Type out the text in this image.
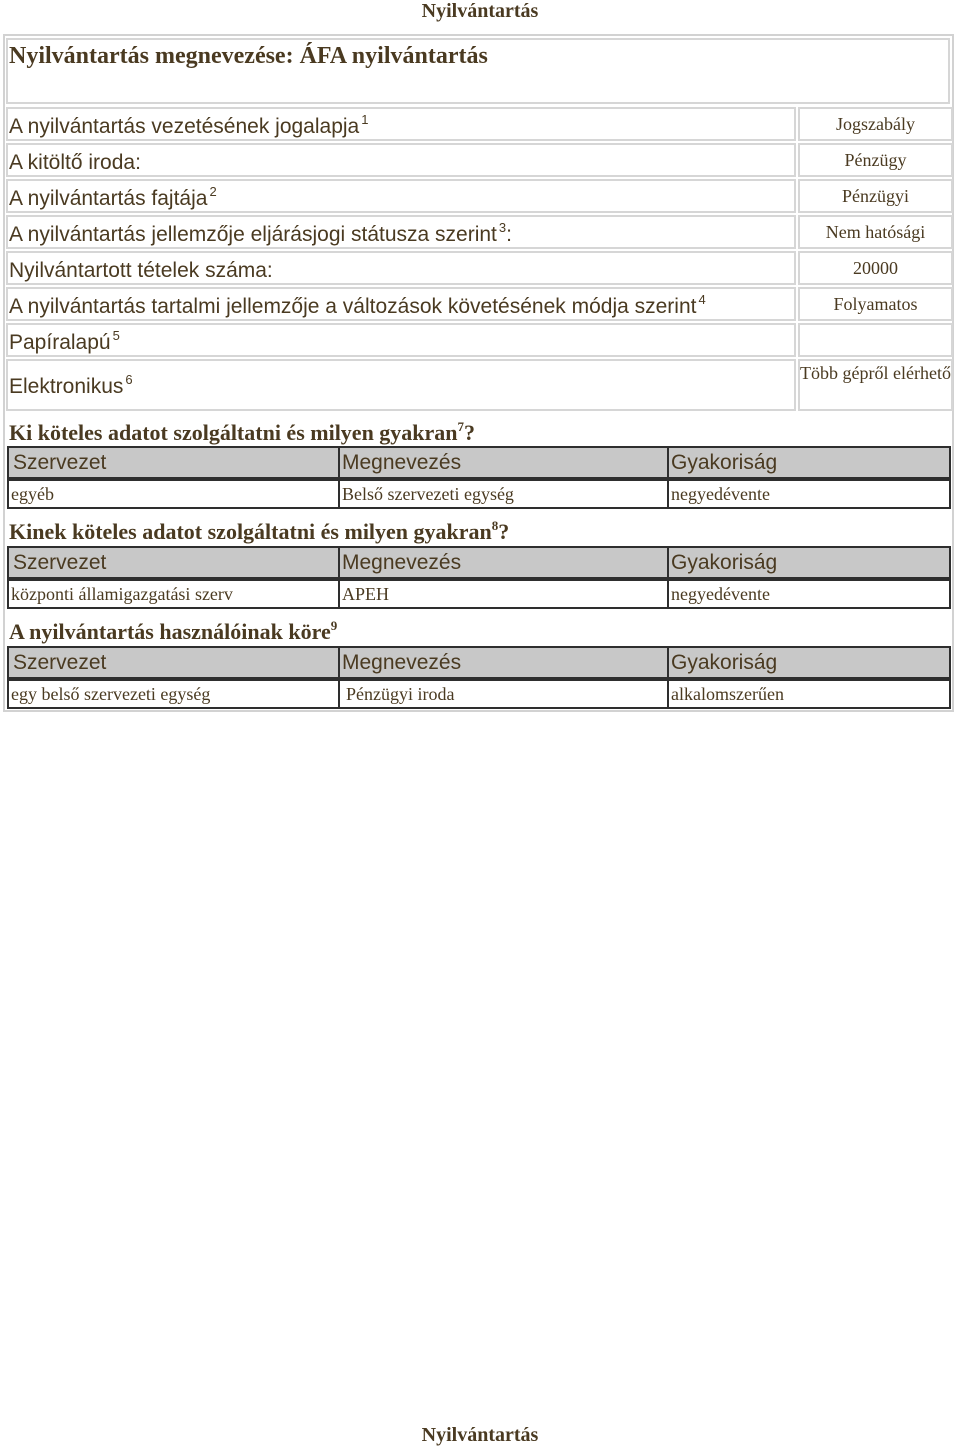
Nyilvántartás
Nyilvántartás megnevezése: ÁFA nyilvántartás
A nyilvántartás vezetésének jogalapja $^1$	Jogszabály
A kitöltő iroda:	Pénzügy
A nyilvántartás fajtája $^2$	Pénzügyi
A nyilvántartás jellemzője eljárásjogi státusza szerint $^3$:	Nem hatósági
Nyilvántartott tételek száma:	20000
A nyilvántartás tartalmi jellemzője a változások követésének módja szerint $^4$	Folyamatos
Papíralapú $^5$
Elektronikus $^6$	Több gépről elérhető
Ki köteles adatot szolgáltatni és milyen gyakran$^7$?
Szervezet	Megnevezés	Gyakoriság
egyéb	Belső szervezeti egység	negyedévente
Kinek köteles adatot szolgáltatni és milyen gyakran$^8$?
Szervezet	Megnevezés	Gyakoriság
központi államigazgatási szerv	APEH	negyedévente
A nyilvántartás használóinak köre$^9$
Szervezet	Megnevezés	Gyakoriság
egy belső szervezeti egység	Pénzügyi iroda	alkalomszerűen
Nyilvántartás
